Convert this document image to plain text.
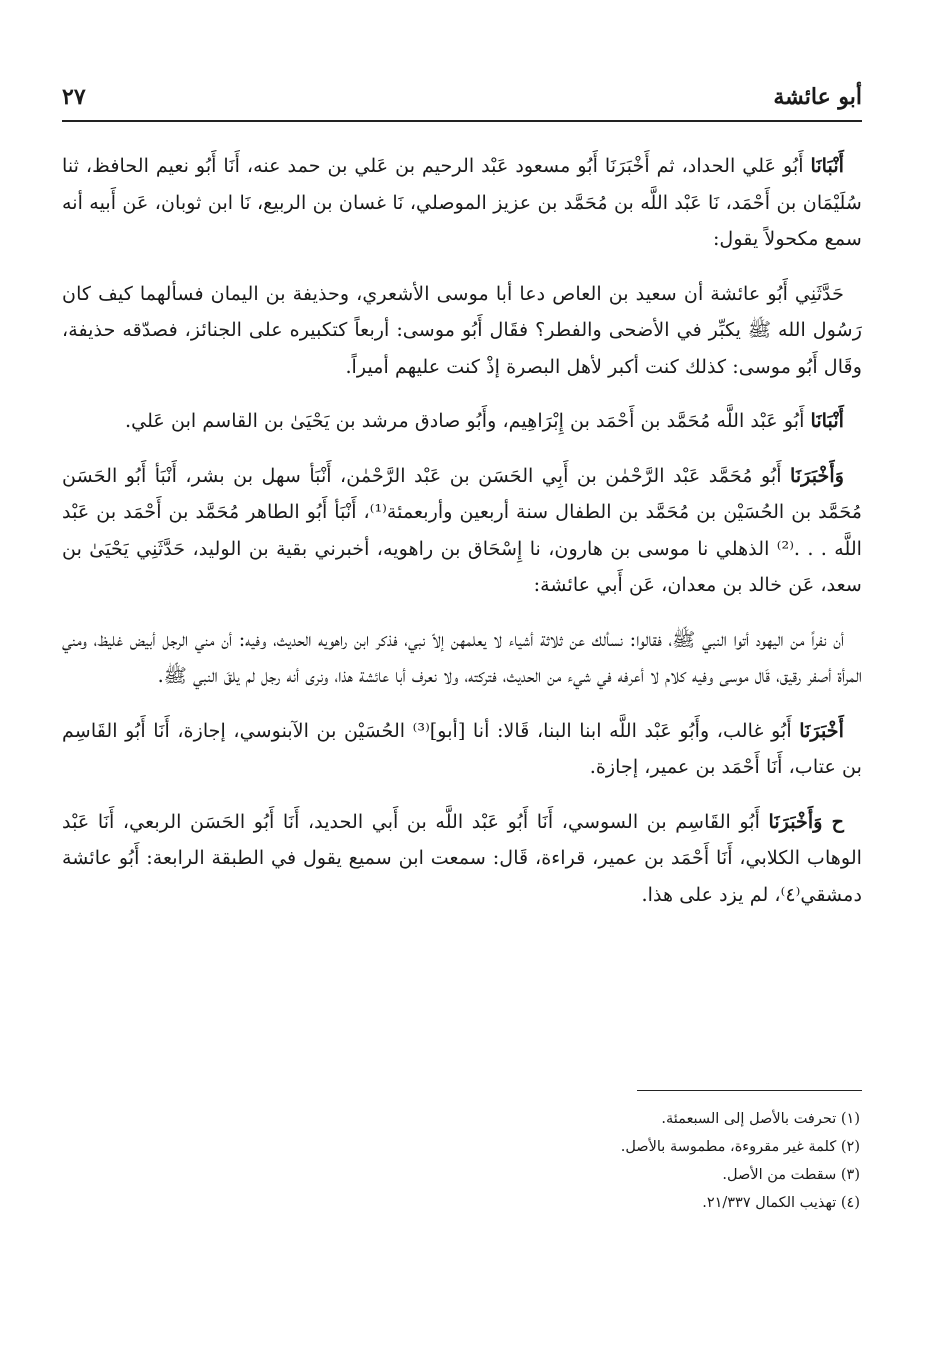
أبو عائشة
٢٧

أَنْبَانَا أَبُو عَلي الحداد، ثم أَخْبَرَنَا أَبُو مسعود عَبْد الرحيم بن عَلي بن حمد عنه، أَنَا أَبُو نعيم الحافظ، ثنا سُلَيْمَان بن أَحْمَد، نَا عَبْد اللَّه بن مُحَمَّد بن عزيز الموصلي، نَا غسان بن الربيع، نَا ابن ثوبان، عَن أَبيه أنه سمع مكحولاً يقول:

حَدَّثَنِي أَبُو عائشة أن سعيد بن العاص دعا أبا موسى الأشعري، وحذيفة بن اليمان فسألهما كيف كان رَسُول الله ﷺ يكبِّر في الأضحى والفطر؟ فقَال أَبُو موسى: أربعاً كتكبيره على الجنائز، فصدّقه حذيفة، وقَال أَبُو موسى: كذلك كنت أكبر لأهل البصرة إذْ كنت عليهم أميراً.

أَنْبَانَا أَبُو عَبْد اللَّه مُحَمَّد بن أَحْمَد بن إِبْرَاهِيم، وأَبُو صادق مرشد بن يَحْيَىٰ بن القاسم ابن عَلي.

وَأَخْبَرَنَا أَبُو مُحَمَّد عَبْد الرَّحْمٰن بن أَبِي الحَسَن بن عَبْد الرَّحْمٰن، أَنْبَأ سهل بن بشر، أَنْبَأ أَبُو الحَسَن مُحَمَّد بن الحُسَيْن بن مُحَمَّد بن الطفال سنة أربعين وأربعمئة⁽¹⁾، أَنْبَأ أَبُو الطاهر مُحَمَّد بن أَحْمَد بن عَبْد اللَّه . . .⁽²⁾ الذهلي نا موسى بن هارون، نا إِسْحَاق بن راهويه، أخبرني بقية بن الوليد، حَدَّثَنِي يَحْيَىٰ بن سعد، عَن خالد بن معدان، عَن أَبي عائشة:

أن نفراً من اليهود أتوا النبي ﷺ، فقالوا: نسألك عن ثلاثة أشياء لا يعلمهن إلاّ نبي، فذكر ابن راهويه الحديث، وفيه: أن مني الرجل أبيض غليظ، ومني المرأة أصفر رقيق، قَال موسى وفيه كلام لا أعرفه في شيء من الحديث، فتركته، ولا نعرف أبا عائشة هذا، ونرى أنه رجل لم يلقَ النبي ﷺ.

أَخْبَرَنَا أَبُو غالب، وأَبُو عَبْد اللَّه ابنا البنا، قَالا: أنا [أبو]⁽³⁾ الحُسَيْن بن الآبنوسي، إجازة، أَنَا أَبُو القَاسِم بن عتاب، أَنَا أَحْمَد بن عمير، إجازة.

ح وَأَخْبَرَنَا أَبُو القَاسِم بن السوسي، أَنَا أَبُو عَبْد اللَّه بن أَبي الحديد، أَنَا أَبُو الحَسَن الربعي، أَنَا عَبْد الوهاب الكلابي، أَنَا أَحْمَد بن عمير، قراءة، قَال: سمعت ابن سميع يقول في الطبقة الرابعة: أَبُو عائشة دمشقي⁽٤⁾، لم يزد على هذا.

(١) تحرفت بالأصل إلى السبعمئة.
(٢) كلمة غير مقروءة، مطموسة بالأصل.
(٣) سقطت من الأصل.
(٤) تهذيب الكمال ٢١/٣٣٧.
